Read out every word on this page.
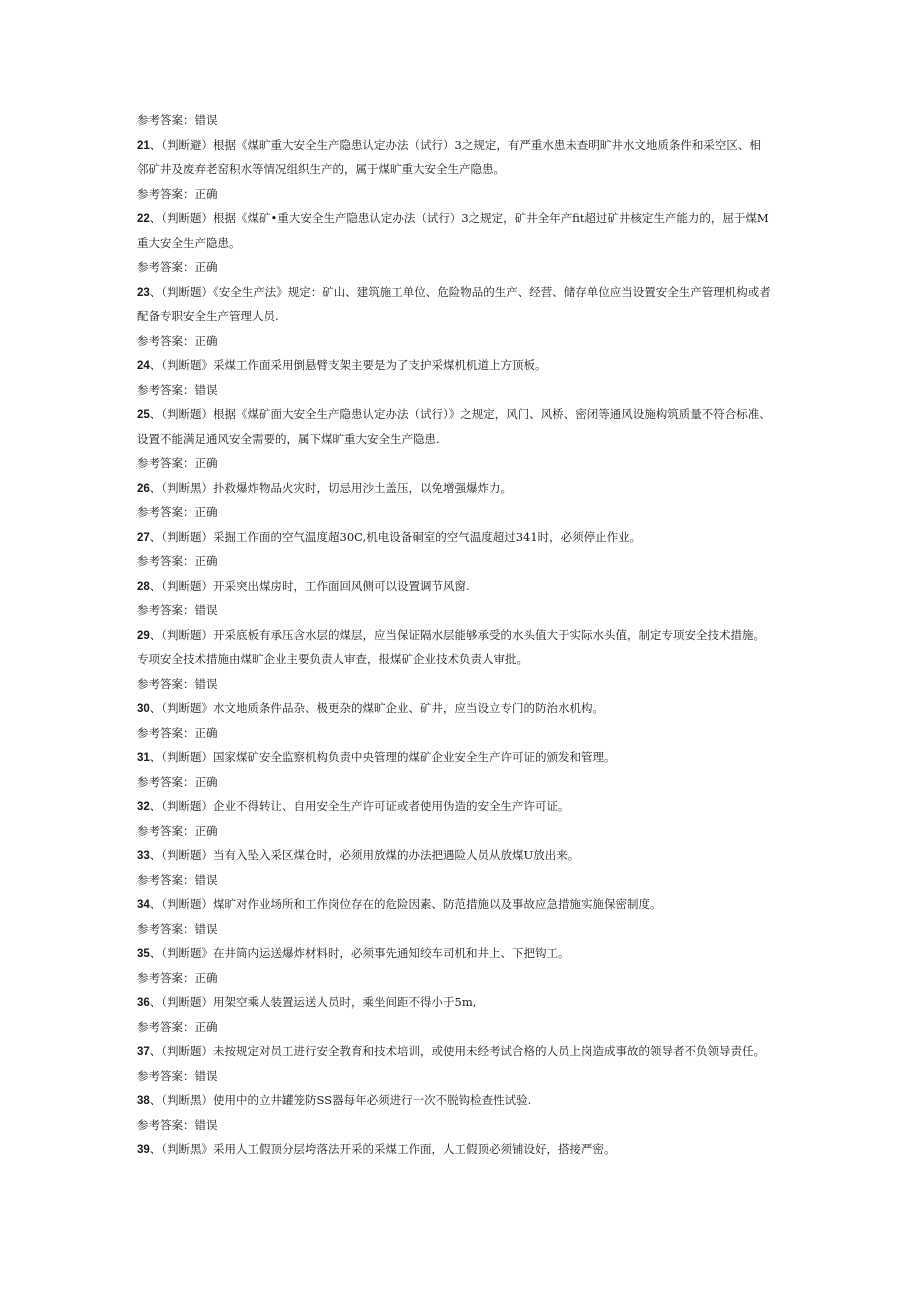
参考答案：错误
21、（判断避）根据《煤旷重大安全生产隐患认定办法（试行）3之规定，有严重水患未查明旷井水文地质条件和采空区、相
邻矿井及废弃老窑积水等情况组织生产的，属于煤旷重大安全生产隐患。
参考答案：正确
22、（判断题）根据《煤矿•重大安全生产隐患认定办法（试行）3之规定，矿井全年产fit超过矿井核定生产能力的，屈于煤M
重大安全生产隐患。
参考答案：正确
23、（判断题）《安全生产法》规定：矿山、建筑施工单位、危险物品的生产、经营、储存单位应当设置安全生产管理机构或者
配备专职安全生产管理人员.
参考答案：正确
24、（判断题》采煤工作面采用倒悬臂支架主要是为了支护采煤机机道上方顶板。
参考答案：错误
25、（判断题）根据《煤矿面大安全生产隐患认定办法（试行）》之规定，风门、风桥、密闭等通风设施构筑质量不符合标准、
设置不能满足通风安全需要的，属下煤旷重大安全生产隐患.
参考答案：正确
26、（判断黑）扑救爆炸物品火灾时，切忌用沙土盖压，以免增强爆炸力。
参考答案：正确
27、（判断题）采掘工作面的空气温度超30C,机电设备硐室的空气温度超过341时，必须停止作业。
参考答案：正确
28、（判断题）开采突出煤房时，工作面回风侧可以设置调节风窗.
参考答案：错误
29、（判断题）开采底板有承压含水层的煤层，应当保证隔水层能够承受的水头值大于实际水头值，制定专项安全技术措施。
专项安全技术措施由煤旷企业主要负责人审查，报煤矿企业技术负责人审批。
参考答案：错误
30、（判断题》水文地质条件品杂、极更杂的煤旷企业、矿井，应当设立专门的防治水机构。
参考答案：正确
31、（判断题）国家煤矿安全监察机构负责中央管理的煤矿企业安全生产许可证的颁发和管理。
参考答案：正确
32、（判断题）企业不得转让、自用安全生产许可证或者使用伪造的安全生产许可证。
参考答案：正确
33、（判断题）当有入坠入采区煤仓时，必须用放煤的办法把遇险人员从放煤U放出来。
参考答案：错误
34、（判断题）煤旷对作业场所和工作岗位存在的危险因素、防范措施以及事故应急措施实施保密制度。
参考答案：错误
35、（判断题》在井筒内运送爆炸材料时，必须事先通知绞车司机和井上、下把钩工。
参考答案：正确
36、（判断题）用架空乘人装置运送人员时，乘坐间距不得小于5m,
参考答案：正确
37、（判断题）未按规定对员工进行安全教育和技术培训，或使用未经考试合格的人员上岗造成事故的领导者不负领导责任。
参考答案：错误
38、（判断黑）使用中的立井罐笼防SS器每年必须进行一次不脱钩检查性试验.
参考答案：错误
39、（判断黑》采用人工假顶分层垮落法开采的采煤工作面，人工假顶必须铺设好，搭接严密。
